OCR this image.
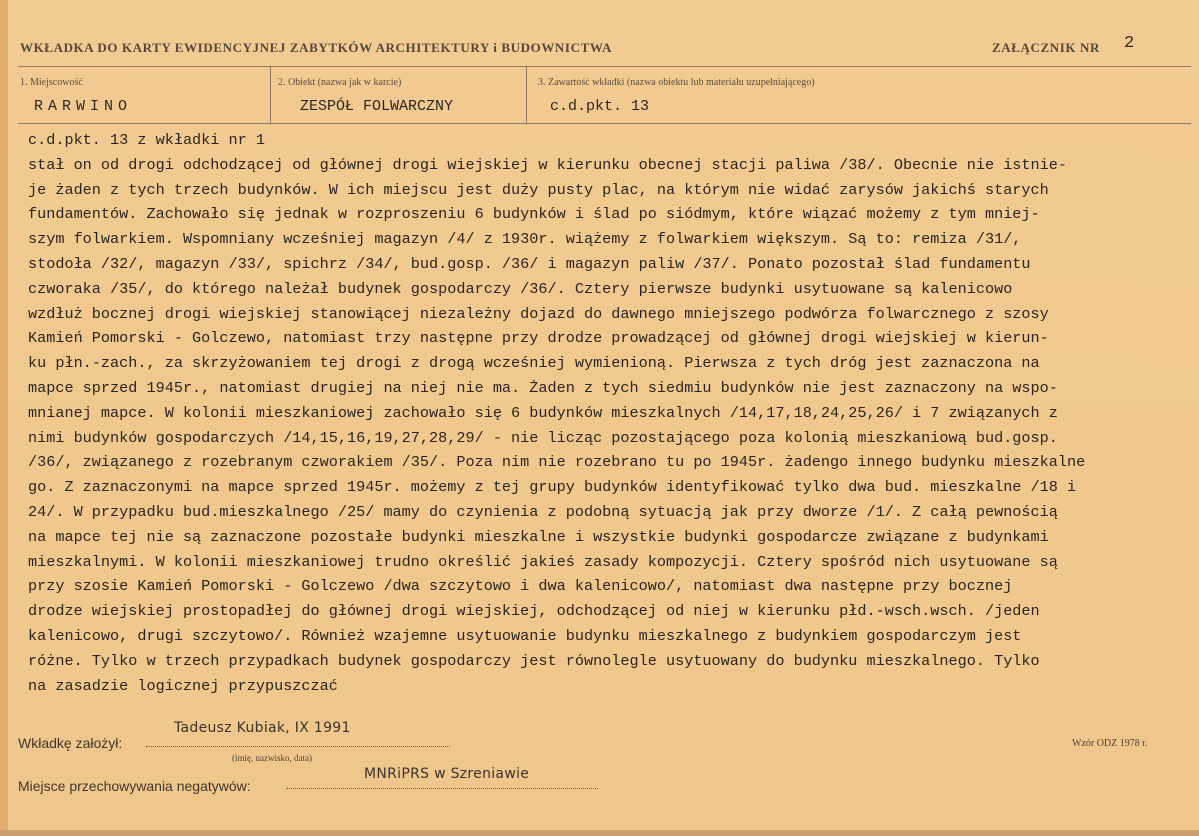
WKŁADKA DO KARTY EWIDENCYJNEJ ZABYTKÓW ARCHITEKTURY i BUDOWNICTWA	ZAŁĄCZNIK NR 2
1. Miejscowość
RARWINO
2. Obiekt (nazwa jak w karcie)
ZESPÓŁ FOLWARCZNY
3. Zawartość wkładki (nazwa obiektu lub materiału uzupełniającego)
c.d.pkt. 13
c.d.pkt. 13 z wkładki nr 1
stał on od drogi odchodzącej od głównej drogi wiejskiej w kierunku obecnej stacji paliwa /38/. Obecnie nie istnie-
je żaden z tych trzech budynków. W ich miejscu jest duży pusty plac, na którym nie widać zarysów jakichś starych
fundamentów. Zachowało się jednak w rozproszeniu 6 budynków i ślad po siódmym, które wiązać możemy z tym mniej-
szym folwarkiem. Wspomniany wcześniej magazyn /4/ z 1930r. wiążemy z folwarkiem większym. Są to: remiza /31/,
stodoła /32/, magazyn /33/, spichrz /34/, bud.gosp. /36/ i magazyn paliw /37/. Ponato pozostał ślad fundamentu
czworaka /35/, do którego należał budynek gospodarczy /36/. Cztery pierwsze budynki usytuowane są kalenicowo
wzdłuż bocznej drogi wiejskiej stanowiącej niezależny dojazd do dawnego mniejszego podwórza folwarcznego z szosy
Kamień Pomorski - Golczewo, natomiast trzy następne przy drodze prowadzącej od głównej drogi wiejskiej w kierun-
ku płn.-zach., za skrzyżowaniem tej drogi z drogą wcześniej wymienioną. Pierwsza z tych dróg jest zaznaczona na
mapce sprzed 1945r., natomiast drugiej na niej nie ma. Żaden z tych siedmiu budynków nie jest zaznaczony na wspo-
mnianej mapce. W kolonii mieszkaniowej zachowało się 6 budynków mieszkalnych /14,17,18,24,25,26/ i 7 związanych z
nimi budynków gospodarczych /14,15,16,19,27,28,29/ - nie licząc pozostającego poza kolonią mieszkaniową bud.gosp.
/36/, związanego z rozebranym czworakiem /35/. Poza nim nie rozebrano tu po 1945r. żadengo innego budynku mieszkalne
go. Z zaznaczonymi na mapce sprzed 1945r. możemy z tej grupy budynków identyfikować tylko dwa bud. mieszkalne /18 i
24/. W przypadku bud.mieszkalnego /25/ mamy do czynienia z podobną sytuacją jak przy dworze /1/. Z całą pewnością
na mapce tej nie są zaznaczone pozostałe budynki mieszkalne i wszystkie budynki gospodarcze związane z budynkami
mieszkalnymi. W kolonii mieszkaniowej trudno określić jakieś zasady kompozycji. Cztery spośród nich usytuowane są
przy szosie Kamień Pomorski - Golczewo /dwa szczytowo i dwa kalenicowo/, natomiast dwa następne przy bocznej
drodze wiejskiej prostopadłej do głównej drogi wiejskiej, odchodzącej od niej w kierunku płd.-wsch.wsch. /jeden
kalenicowo, drugi szczytowo/. Również wzajemne usytuowanie budynku mieszkalnego z budynkiem gospodarczym jest
różne. Tylko w trzech przypadkach budynek gospodarczy jest równolegle usytuowany do budynku mieszkalnego. Tylko
na zasadzie logicznej przypuszczać
Wkładkę założył:
Tadeusz Kubiak, IX 1991
(imię, nazwisko, data)
Miejsce przechowywania negatywów:
MNRiPRS w Szreniawie
Wzór ODZ 1978 r.
